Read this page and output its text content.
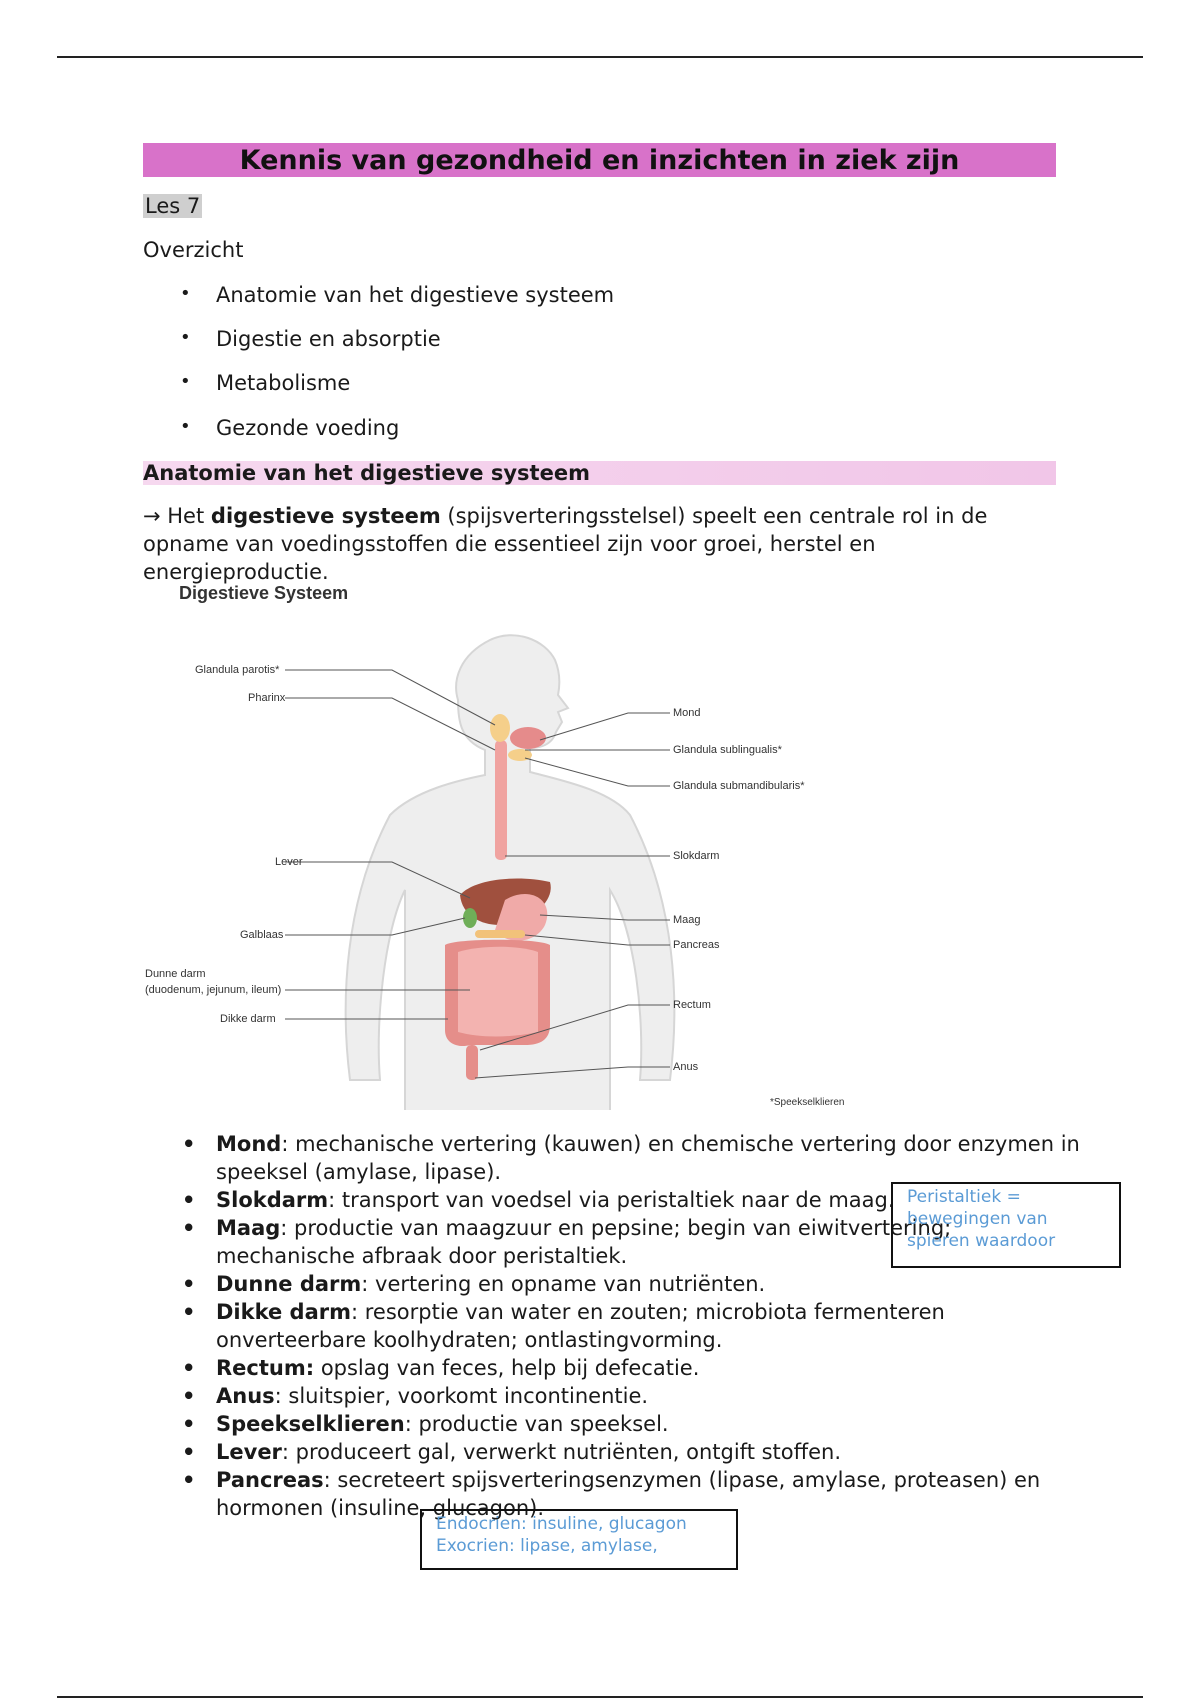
Kennis van gezondheid en inzichten in ziek zijn
Les 7
Overzicht
• Anatomie van het digestieve systeem
• Digestie en absorptie
• Metabolisme
• Gezonde voeding
Anatomie van het digestieve systeem
→ Het digestieve systeem (spijsverteringsstelsel) speelt een centrale rol in de opname van voedingsstoffen die essentieel zijn voor groei, herstel en energieproductie.
Digestieve Systeem
Glandula parotis*
Pharinx
Lever
Galblaas
Dunne darm
(duodenum, jejunum, ileum)
Dikke darm
Mond
Glandula sublingualis*
Glandula submandibularis*
Slokdarm
Maag
Pancreas
Rectum
Anus
*Speekselklieren
• Mond: mechanische vertering (kauwen) en chemische vertering door enzymen in speeksel (amylase, lipase).
• Slokdarm: transport van voedsel via peristaltiek naar de maag.
• Maag: productie van maagzuur en pepsine; begin van eiwitvertering; mechanische afbraak door peristaltiek.
• Dunne darm: vertering en opname van nutriënten.
• Dikke darm: resorptie van water en zouten; microbiota fermenteren onverteerbare koolhydraten; ontlastingvorming.
• Rectum: opslag van feces, help bij defecatie.
• Anus: sluitspier, voorkomt incontinentie.
• Speekselklieren: productie van speeksel.
• Lever: produceert gal, verwerkt nutriënten, ontgift stoffen.
• Pancreas: secreteert spijsverteringsenzymen (lipase, amylase, proteasen) en hormonen (insuline, glucagon).
Peristaltiek =
bewegingen van
spieren waardoor
Endocrien: insuline, glucagon
Exocrien: lipase, amylase,
